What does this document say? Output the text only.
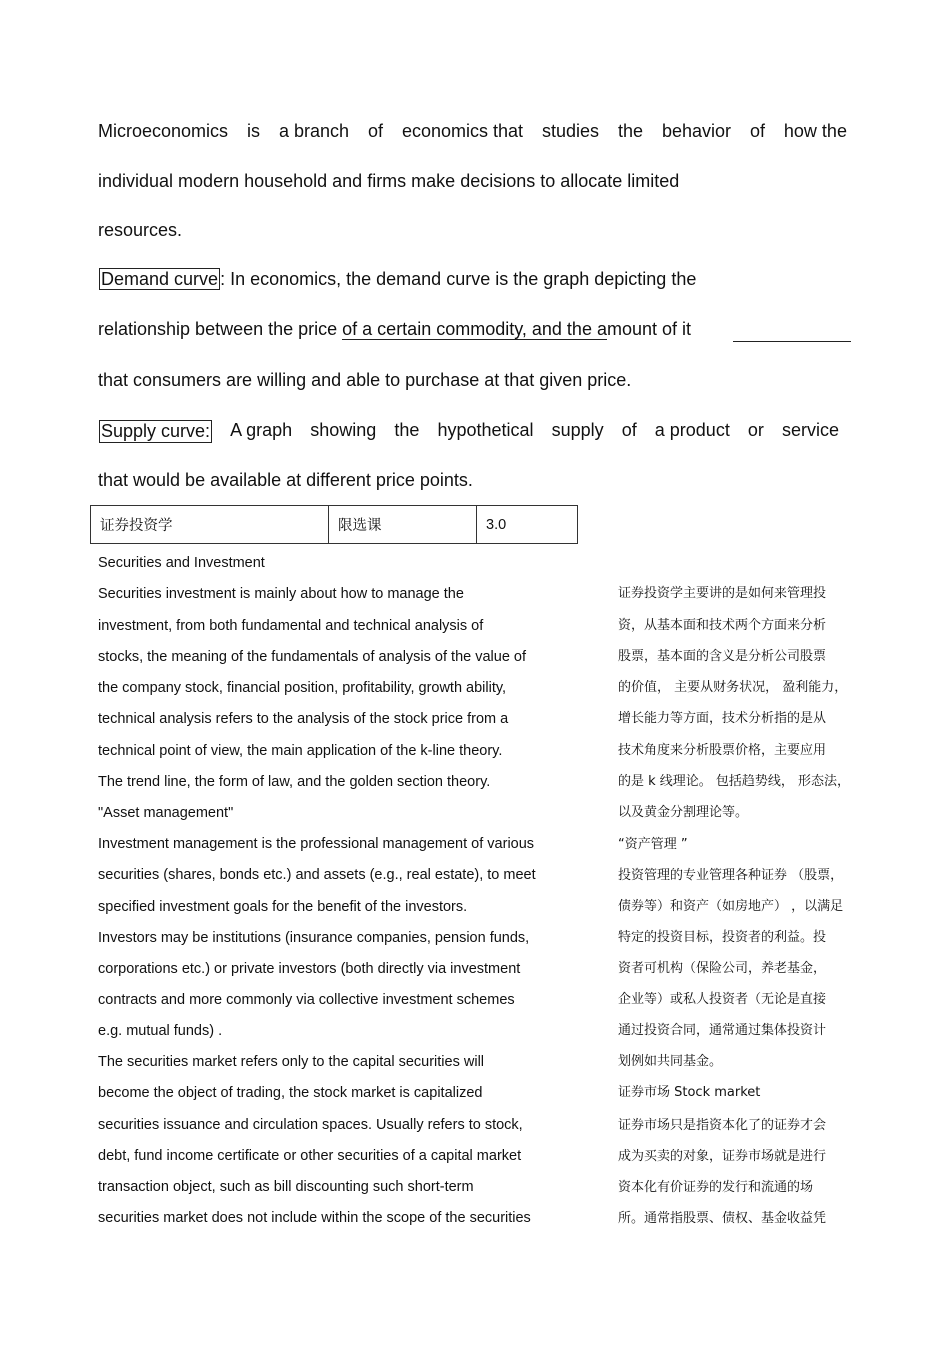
Microeconomics is a branch of economics that studies the behavior of how the
individual modern household and firms make decisions to allocate limited
resources.
Demand curve : In economics, the demand curve is the graph depicting the
relationship between the price of a certain commodity, and the amount of it
that consumers are willing and able to purchase at that given price.
Supply curve: A graph showing the hypothetical supply of a product or service
that would be available at different price points.
证券投资学	限选课	3.0
Securities and Investment
Securities investment is mainly about how to manage the
investment, from both fundamental and technical analysis of
stocks, the meaning of the fundamentals of analysis of the value of
the company stock, financial position, profitability, growth ability,
technical analysis refers to the analysis of the stock price from a
technical point of view, the main application of the k-line theory.
The trend line, the form of law, and the golden section theory.
"Asset management"
Investment management is the professional management of various
securities (shares, bonds etc.) and assets (e.g., real estate), to meet
specified investment goals for the benefit of the investors.
Investors may be institutions (insurance companies, pension funds,
corporations etc.) or private investors (both directly via investment
contracts and more commonly via collective investment schemes
e.g. mutual funds) .
The securities market refers only to the capital securities will
become the object of trading, the stock market is capitalized
securities issuance and circulation spaces. Usually refers to stock,
debt, fund income certificate or other securities of a capital market
transaction object, such as bill discounting such short-term
securities market does not include within the scope of the securities
证券投资学主要讲的是如何来管理投
资，从基本面和技术两个方面来分析
股票，基本面的含义是分析公司股票
的价值， 主要从财务状况， 盈利能力，
增长能力等方面，技术分析指的是从
技术角度来分析股票价格，主要应用
的是 k 线理论。 包括趋势线， 形态法，
以及黄金分割理论等。
“资产管理 ”
投资管理的专业管理各种证券 （股票，
债券等）和资产（如房地产） ，以满足
特定的投资目标，投资者的利益。投
资者可机构（保险公司，养老基金，
企业等）或私人投资者（无论是直接
通过投资合同，通常通过集体投资计
划例如共同基金。
证券市场 Stock market
证券市场只是指资本化了的证券才会
成为买卖的对象，证券市场就是进行
资本化有价证券的发行和流通的场
所。通常指股票、债权、基金收益凭
